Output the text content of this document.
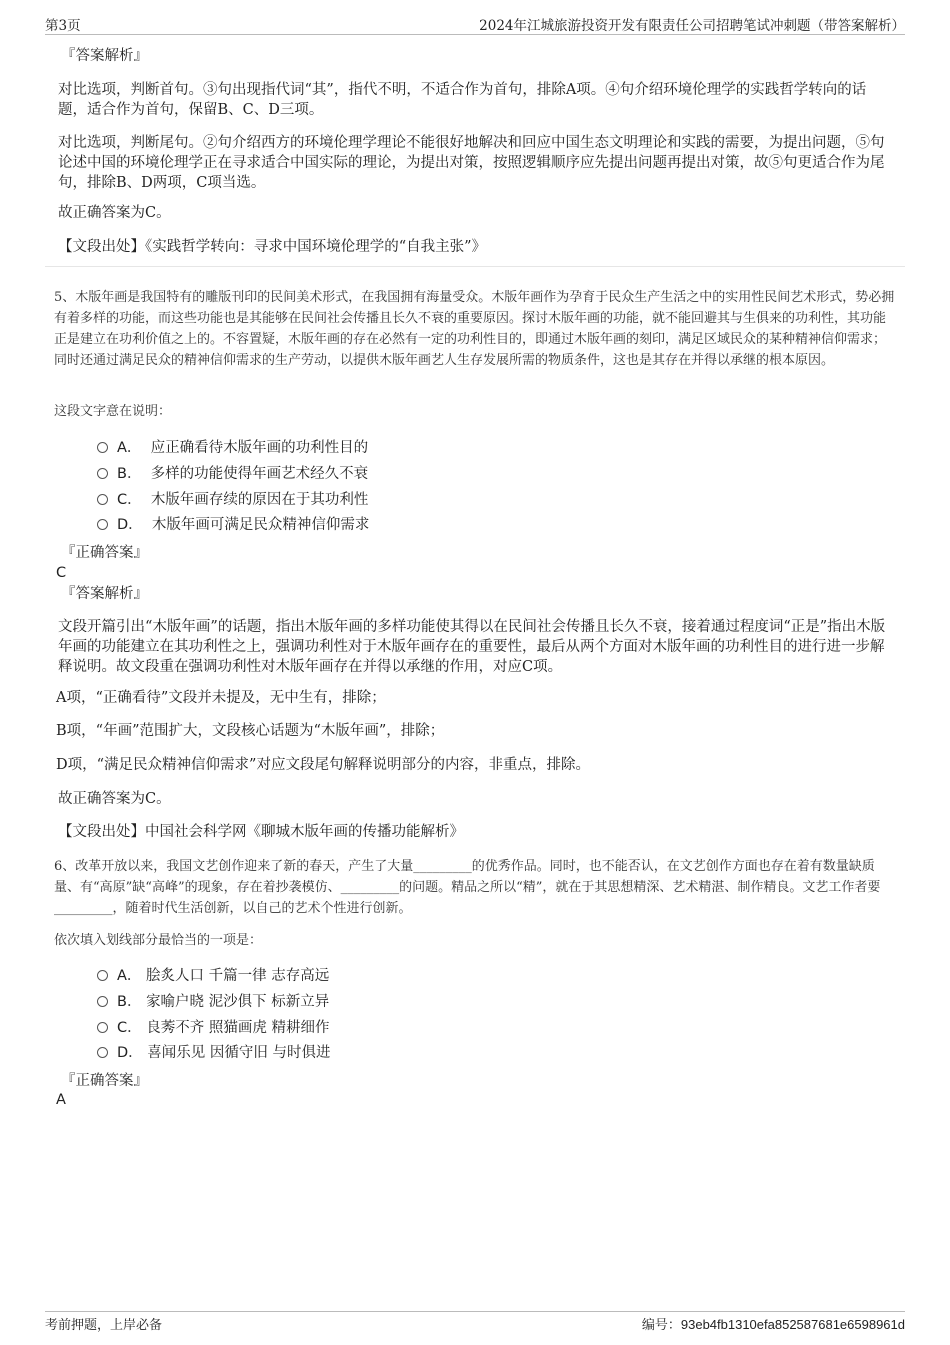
第3页	2024年江城旅游投资开发有限责任公司招聘笔试冲刺题（带答案解析）
『答案解析』
对比选项，判断首句。③句出现指代词“其”，指代不明，不适合作为首句，排除A项。④句介绍环境伦理学的实践哲学转向的话题，适合作为首句，保留B、C、D三项。
对比选项，判断尾句。②句介绍西方的环境伦理学理论不能很好地解决和回应中国生态文明理论和实践的需要，为提出问题，⑤句论述中国的环境伦理学正在寻求适合中国实际的理论，为提出对策，按照逻辑顺序应先提出问题再提出对策，故⑤句更适合作为尾句，排除B、D两项，C项当选。
故正确答案为C。
【文段出处】《实践哲学转向：寻求中国环境伦理学的“自我主张”》
5、木版年画是我国特有的雕版刊印的民间美术形式，在我国拥有海量受众。木版年画作为孕育于民众生产生活之中的实用性民间艺术形式，势必拥有着多样的功能，而这些功能也是其能够在民间社会传播且长久不衰的重要原因。探讨木版年画的功能，就不能回避其与生俱来的功利性，其功能正是建立在功利价值之上的。不容置疑，木版年画的存在必然有一定的功利性目的，即通过木版年画的刻印，满足区域民众的某种精神信仰需求；同时还通过满足民众的精神信仰需求的生产劳动，以提供木版年画艺人生存发展所需的物质条件，这也是其存在并得以承继的根本原因。
这段文字意在说明：
A． 应正确看待木版年画的功利性目的
B． 多样的功能使得年画艺术经久不衰
C． 木版年画存续的原因在于其功利性
D． 木版年画可满足民众精神信仰需求
『正确答案』
C
『答案解析』
文段开篇引出“木版年画”的话题，指出木版年画的多样功能使其得以在民间社会传播且长久不衰，接着通过程度词“正是”指出木版年画的功能建立在其功利性之上，强调功利性对于木版年画存在的重要性，最后从两个方面对木版年画的功利性目的进行进一步解释说明。故文段重在强调功利性对木版年画存在并得以承继的作用，对应C项。
A项，“正确看待”文段并未提及，无中生有，排除；
B项，“年画”范围扩大，文段核心话题为“木版年画”，排除；
D项，“满足民众精神信仰需求”对应文段尾句解释说明部分的内容，非重点，排除。
故正确答案为C。
【文段出处】中国社会科学网《聊城木版年画的传播功能解析》
6、改革开放以来，我国文艺创作迎来了新的春天，产生了大量_________的优秀作品。同时，也不能否认，在文艺创作方面也存在着有数量缺质量、有“高原”缺“高峰”的现象，存在着抄袭模仿、_________的问题。精品之所以“精”，就在于其思想精深、艺术精湛、制作精良。文艺工作者要_________，随着时代生活创新，以自己的艺术个性进行创新。
依次填入划线部分最恰当的一项是：
A． 脍炙人口 千篇一律 志存高远
B． 家喻户晓 泥沙俱下 标新立异
C． 良莠不齐 照猫画虎 精耕细作
D． 喜闻乐见 因循守旧 与时俱进
『正确答案』
A
考前押题，上岸必备	编号：93eb4fb1310efa852587681e6598961d
